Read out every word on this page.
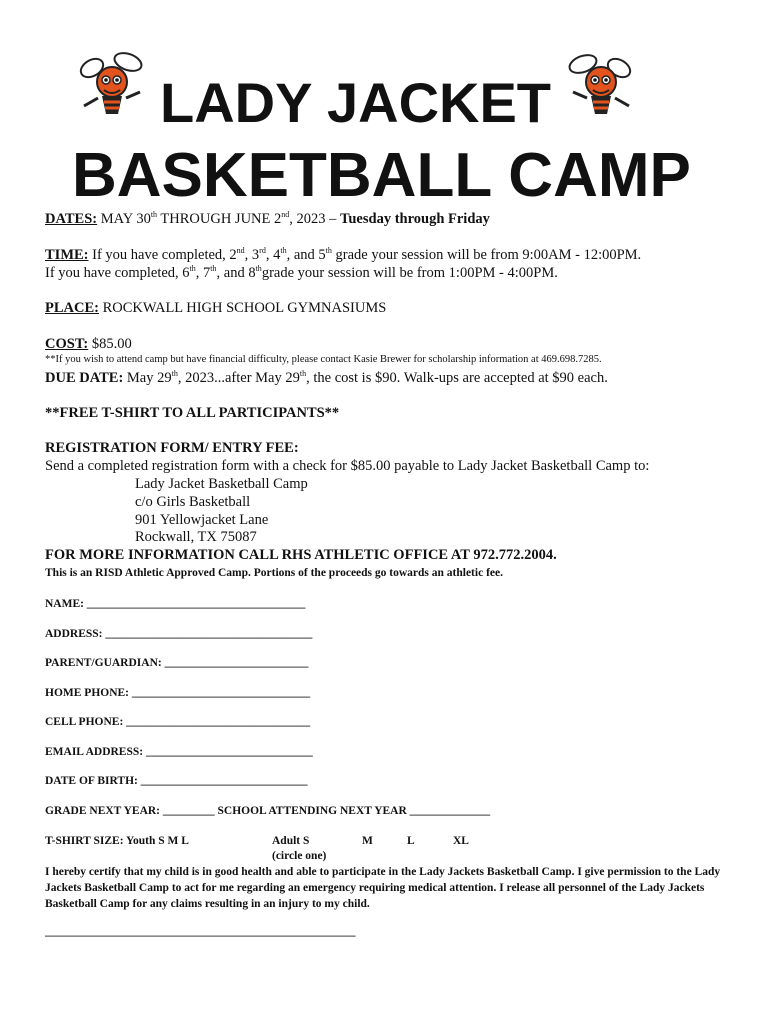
LADY JACKET
BASKETBALL CAMP
DATES: MAY 30th THROUGH JUNE 2nd, 2023 – Tuesday through Friday
TIME: If you have completed, 2nd, 3rd, 4th, and 5th grade your session will be from 9:00AM - 12:00PM.
If you have completed, 6th, 7th, and 8thgrade your session will be from 1:00PM - 4:00PM.
PLACE: ROCKWALL HIGH SCHOOL GYMNASIUMS
COST: $85.00
**If you wish to attend camp but have financial difficulty, please contact Kasie Brewer for scholarship information at 469.698.7285.
DUE DATE: May 29th, 2023...after May 29th, the cost is $90. Walk-ups are accepted at $90 each.
**FREE T-SHIRT TO ALL PARTICIPANTS**
REGISTRATION FORM/ ENTRY FEE:
Send a completed registration form with a check for $85.00 payable to Lady Jacket Basketball Camp to:
Lady Jacket Basketball Camp
c/o Girls Basketball
901 Yellowjacket Lane
Rockwall, TX 75087
FOR MORE INFORMATION CALL RHS ATHLETIC OFFICE AT 972.772.2004.
This is an RISD Athletic Approved Camp. Portions of the proceeds go towards an athletic fee.
NAME: ______________________________________
ADDRESS: ____________________________________
PARENT/GUARDIAN: _________________________
HOME PHONE: _______________________________
CELL PHONE: ________________________________
EMAIL ADDRESS: _____________________________
DATE OF BIRTH: _____________________________
GRADE NEXT YEAR: _________ SCHOOL ATTENDING NEXT YEAR ______________
T-SHIRT SIZE: Youth S M L	Adult S	M	L	XL
(circle one)
I hereby certify that my child is in good health and able to participate in the Lady Jackets Basketball Camp. I give permission to the Lady Jackets Basketball Camp to act for me regarding an emergency requiring medical attention. I release all personnel of the Lady Jackets Basketball Camp for any claims resulting in an injury to my child.
______________________________________________________
